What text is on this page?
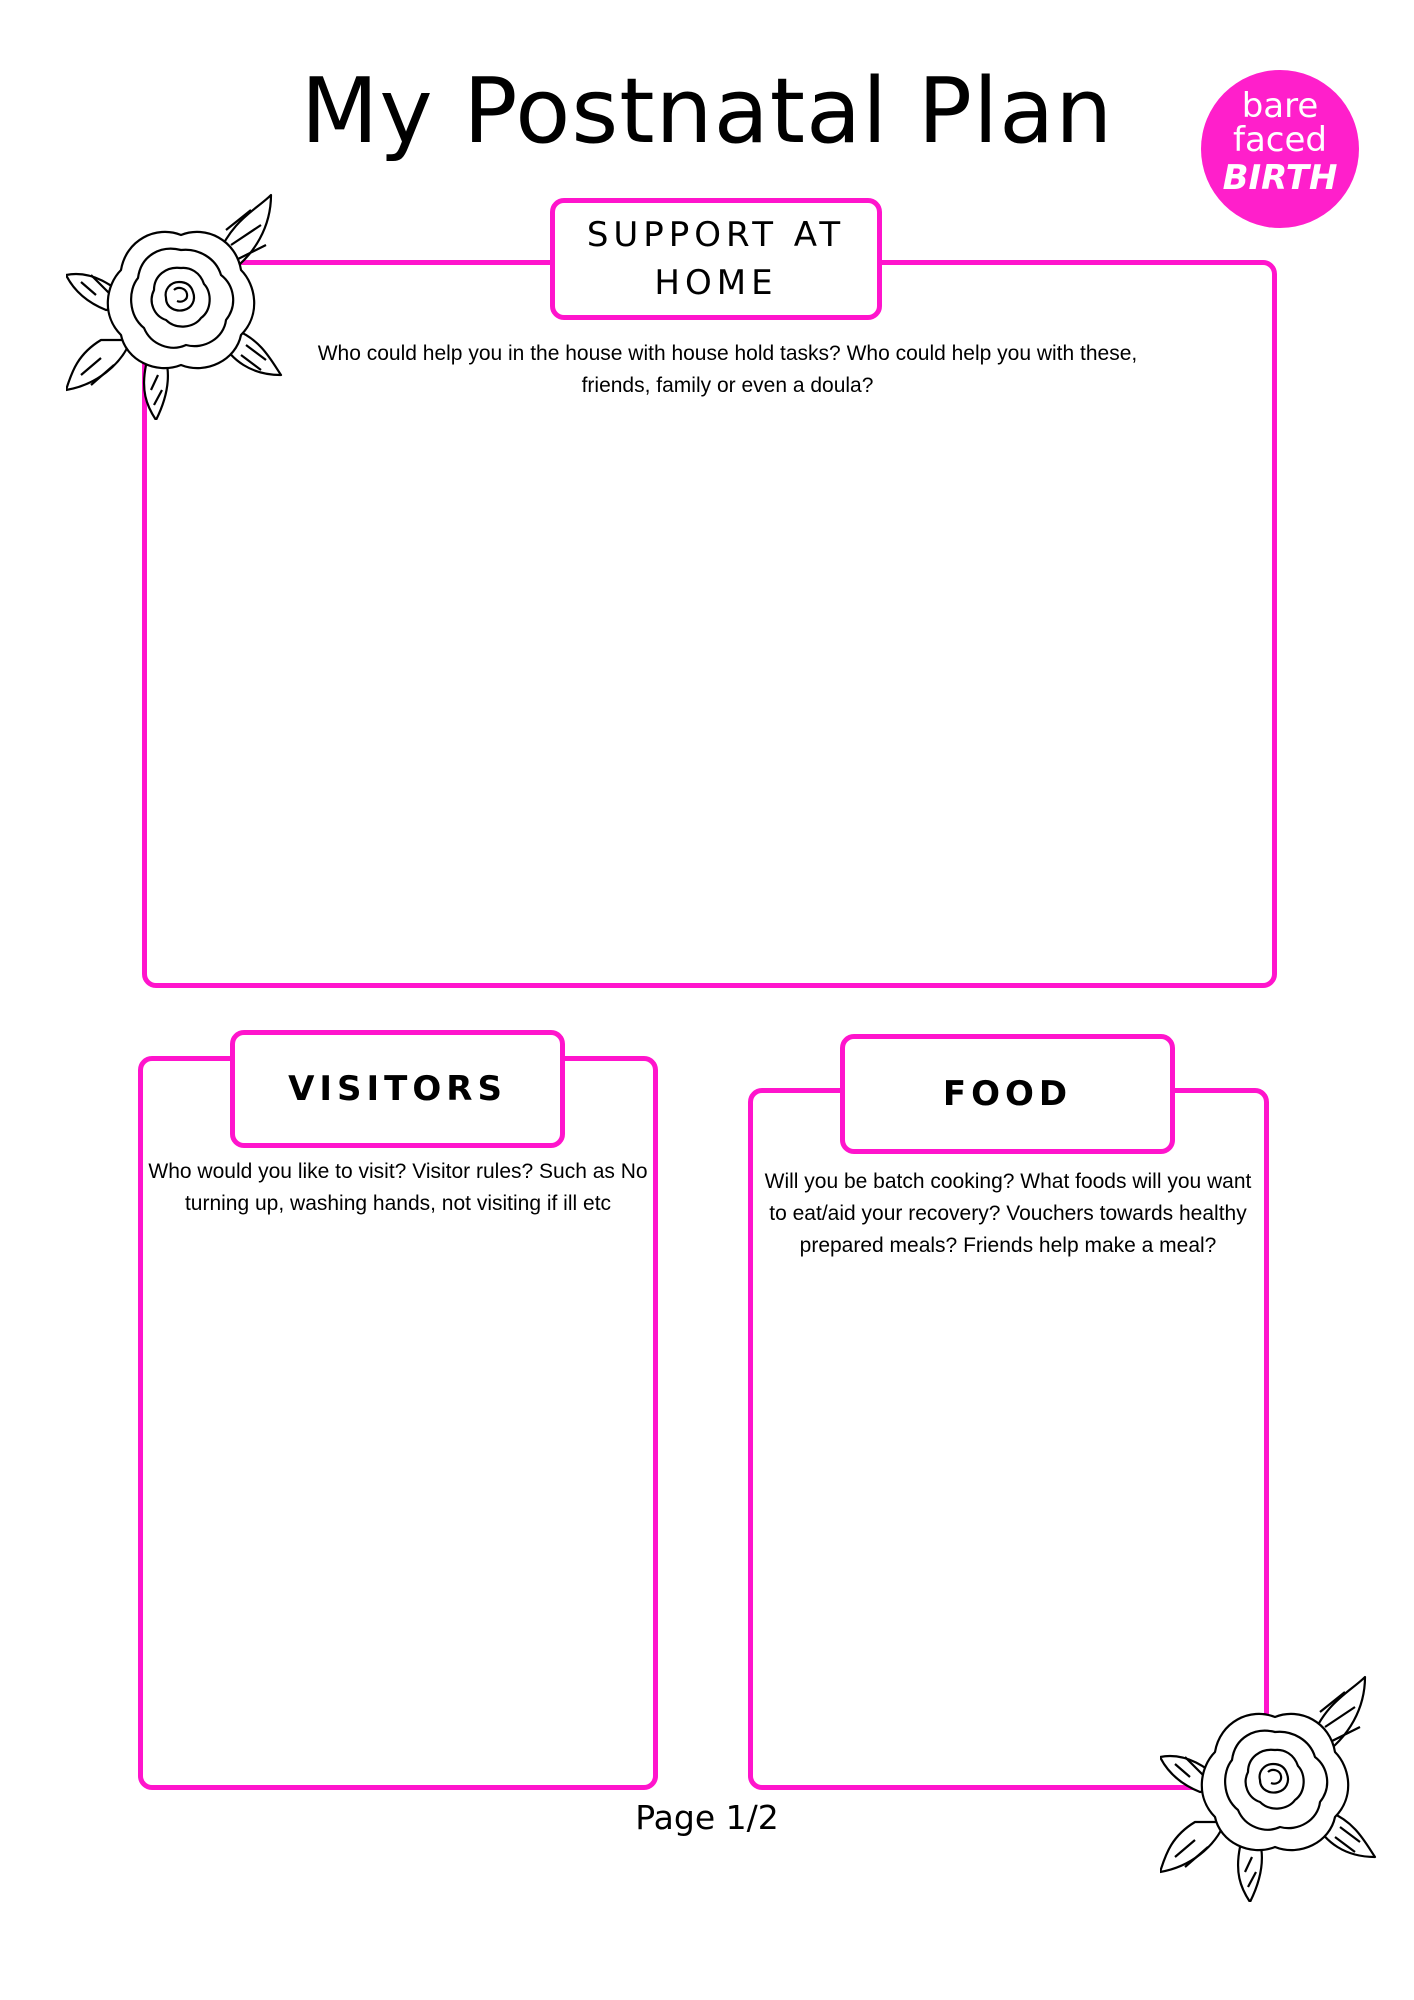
My Postnatal Plan	bare
faced
BIRTH
SUPPORT AT HOME
Who could help you in the house with house hold tasks? Who could help you with these, friends, family or even a doula?
VISITORS
Who would you like to visit? Visitor rules? Such as No turning up, washing hands, not visiting if ill etc
FOOD
Will you be batch cooking? What foods will you want to eat/aid your recovery? Vouchers towards healthy prepared meals? Friends help make a meal?
Page 1/2
